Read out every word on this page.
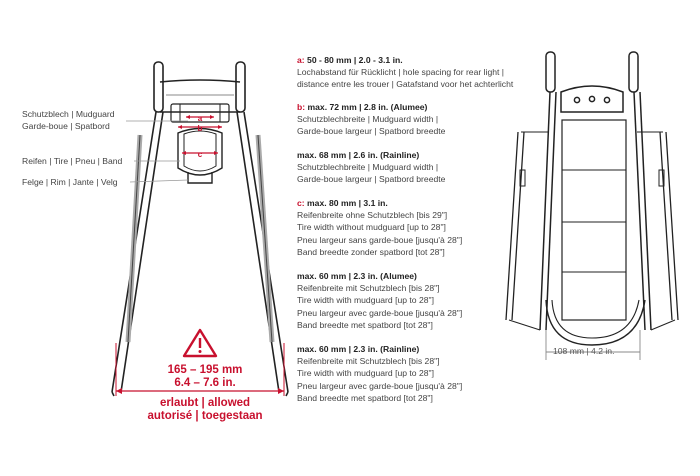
a
b
c
Schutzblech | Mudguard
Garde-boue | Spatbord
Reifen | Tire | Pneu | Band
Felge | Rim | Jante | Velg
165 – 195 mm
6.4 – 7.6 in.
erlaubt | allowed
autorisé | toegestaan
a: 50 - 80 mm | 2.0 - 3.1 in.
Lochabstand für Rücklicht | hole spacing for rear light |
distance entre les trouer | Gatafstand voor het achterlicht
b: max. 72 mm | 2.8 in. (Alumee)
Schutzblechbreite | Mudguard width |
Garde-boue largeur | Spatbord breedte
max. 68 mm | 2.6 in. (Rainline)
Schutzblechbreite | Mudguard width |
Garde-boue largeur | Spatbord breedte
c: max. 80 mm | 3.1 in.
Reifenbreite ohne Schutzblech [bis 29"]
Tire width without mudguard [up to 28"]
Pneu largeur sans garde-boue [jusqu'à 28"]
Band breedte zonder spatbord [tot 28"]
max. 60 mm | 2.3 in. (Alumee)
Reifenbreite mit Schutzblech [bis 28"]
Tire width with mudguard [up to 28"]
Pneu largeur avec garde-boue [jusqu'à 28"]
Band breedte met spatbord [tot 28"]
max. 60 mm | 2.3 in. (Rainline)
Reifenbreite mit Schutzblech [bis 28"]
Tire width with mudguard [up to 28"]
Pneu largeur avec garde-boue [jusqu'à 28"]
Band breedte met spatbord [tot 28"]
108 mm | 4.2 in.
